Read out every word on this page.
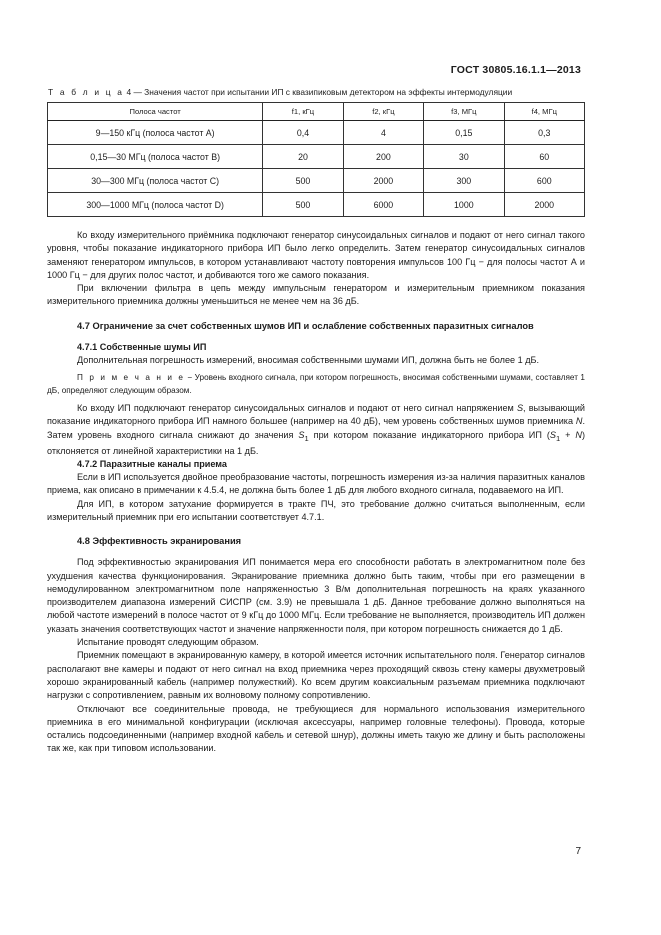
ГОСТ 30805.16.1.1—2013
Т а б л и ц а 4 — Значения частот при испытании ИП с квазипиковым детектором на эффекты интермодуляции
Полоса частот	f1, кГц	f2, кГц	f3, МГц	f4, МГц
9—150 кГц (полоса частот А)	0,4	4	0,15	0,3
0,15—30 МГц (полоса частот В)	20	200	30	60
30—300 МГц (полоса частот С)	500	2000	300	600
300—1000 МГц (полоса частот D)	500	6000	1000	2000

Ко входу измерительного приёмника подключают генератор синусоидальных сигналов и подают от него сигнал такого уровня, чтобы показание индикаторного прибора ИП было легко определить. Затем генератор синусоидальных сигналов заменяют генератором импульсов, в котором устанавливают частоту повторения импульсов 100 Гц − для полосы частот А и 1000 Гц − для других полос частот, и добиваются того же самого показания.

При включении фильтра в цепь между импульсным генератором и измерительным приемником показания измерительного приемника должны уменьшиться не менее чем на 36 дБ.

4.7 Ограничение за счет собственных шумов ИП и ослабление собственных паразитных сигналов
4.7.1 Собственные шумы ИП

Дополнительная погрешность измерений, вносимая собственными шумами ИП, должна быть не более 1 дБ.

П р и м е ч а н и е − Уровень входного сигнала, при котором погрешность, вносимая собственными шумами, составляет 1 дБ, определяют следующим образом.

Ко входу ИП подключают генератор синусоидальных сигналов и подают от него сигнал напряжением S, вызывающий показание индикаторного прибора ИП намного большее (например на 40 дБ), чем уровень собственных шумов приемника N. Затем уровень входного сигнала снижают до значения $S_1$ при котором показание индикаторного прибора ИП $(S_1 + N)$ отклоняется от линейной характеристики на 1 дБ.

4.7.2 Паразитные каналы приема

Если в ИП используется двойное преобразование частоты, погрешность измерения из-за наличия паразитных каналов приема, как описано в примечании к 4.5.4, не должна быть более 1 дБ для любого входного сигнала, подаваемого на ИП.

Для ИП, в котором затухание формируется в тракте ПЧ, это требование должно считаться выполненным, если измерительный приемник при его испытании соответствует 4.7.1.

4.8 Эффективность экранирования

Под эффективностью экранирования ИП понимается мера его способности работать в электромагнитном поле без ухудшения качества функционирования. Экранирование приемника должно быть таким, чтобы при его размещении в немодулированном электромагнитном поле напряженностью 3 В/м дополнительная погрешность на краях указанного производителем диапазона измерений СИСПР (см. 3.9) не превышала 1 дБ. Данное требование должно выполняться на любой частоте измерений в полосе частот от 9 кГц до 1000 МГц. Если требование не выполняется, производитель ИП должен указать значения соответствующих частот и значение напряженности поля, при котором погрешность снижается до 1 дБ.

Испытание проводят следующим образом.

Приемник помещают в экранированную камеру, в которой имеется источник испытательного поля. Генератор сигналов располагают вне камеры и подают от него сигнал на вход приемника через проходящий сквозь стену камеры двухметровый хорошо экранированный кабель (например полужесткий). Ко всем другим коаксиальным разъемам приемника подключают нагрузки с сопротивлением, равным их волновому полному сопротивлению.

Отключают все соединительные провода, не требующиеся для нормального использования измерительного приемника в его минимальной конфигурации (исключая аксессуары, например головные телефоны). Провода, которые остались подсоединенными (например входной кабель и сетевой шнур), должны иметь такую же длину и быть расположены так же, как при типовом использовании.

7
